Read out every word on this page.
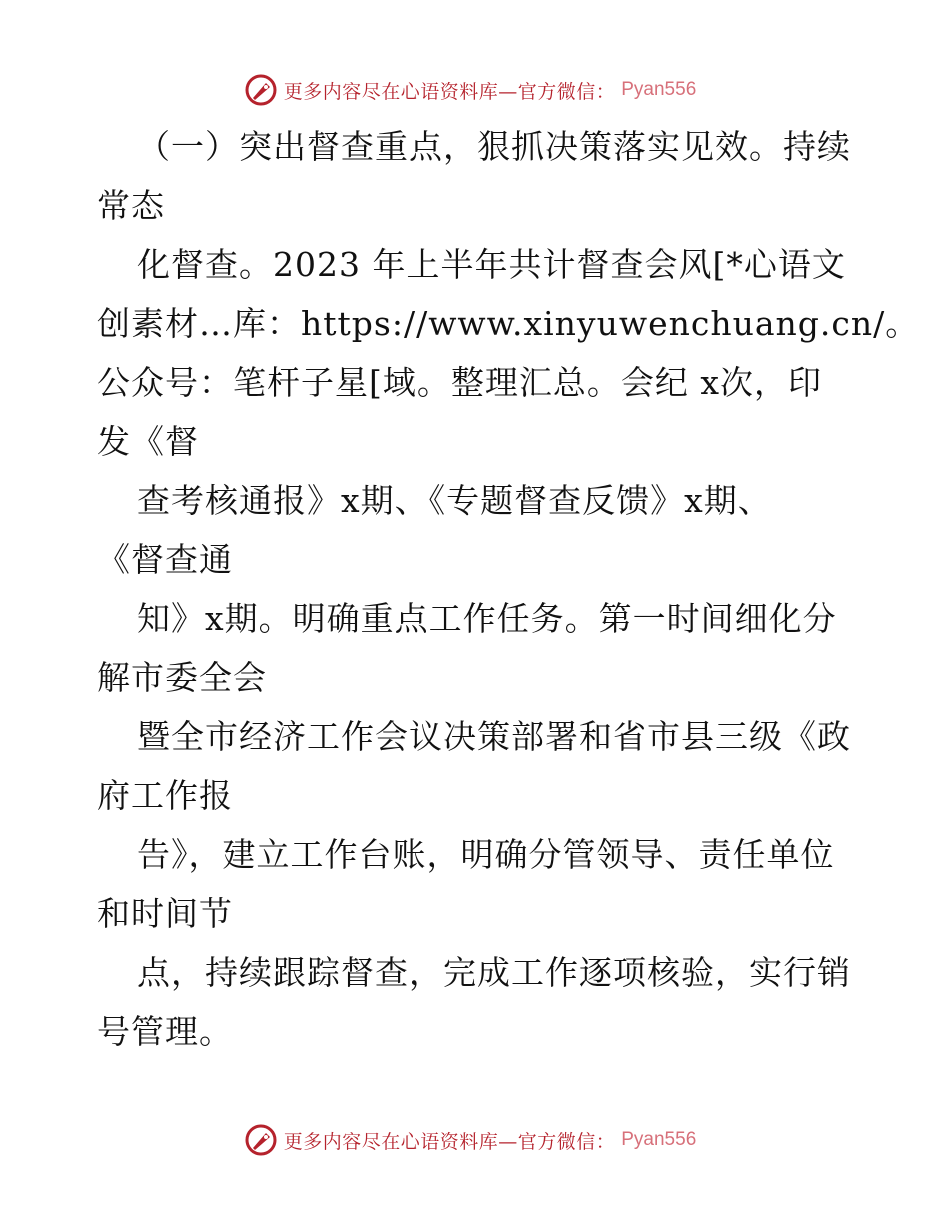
更多内容尽在心语资料库—官方微信： Pyan556
（一）突出督查重点，狠抓决策落实见效。持续
常态
化督查。2023 年上半年共计督查会风[*心语文
创素材…库：https://www.xinyuwenchuang.cn/。
公众号：笔杆子星[域。整理汇总。会纪 x次，印
发《督
查考核通报》x期、《专题督查反馈》x期、
《督查通
知》x期。明确重点工作任务。第一时间细化分
解市委全会
暨全市经济工作会议决策部署和省市县三级《政
府工作报
告》，建立工作台账，明确分管领导、责任单位
和时间节
点，持续跟踪督查，完成工作逐项核验，实行销
号管理。
更多内容尽在心语资料库—官方微信： Pyan556
